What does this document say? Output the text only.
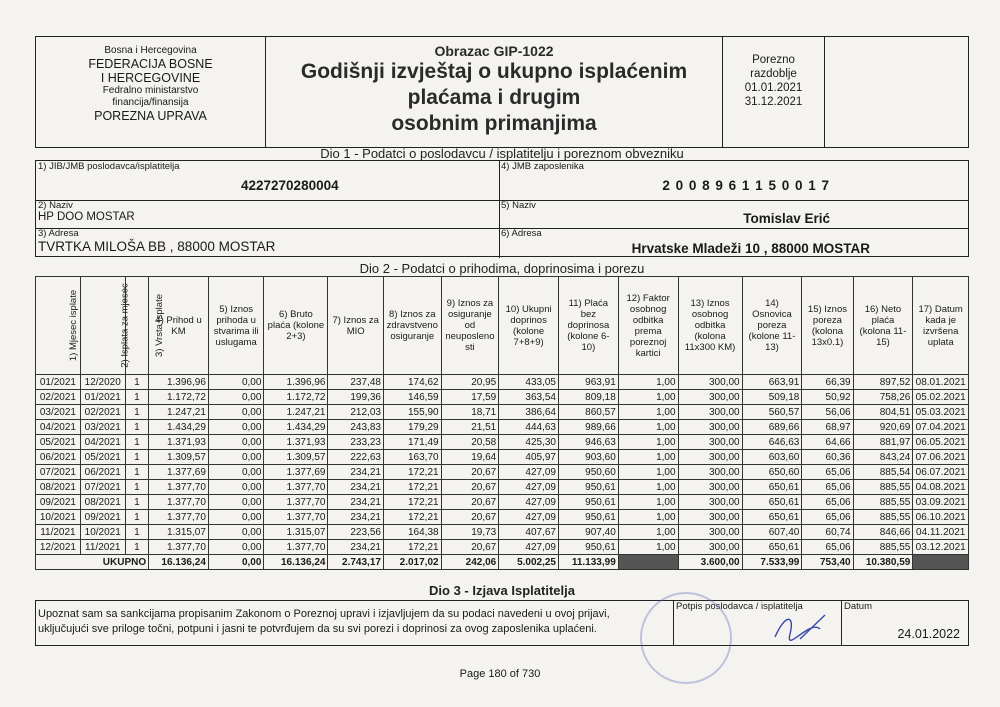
Bosna i Hercegovina
FEDERACIJA BOSNE
I HERCEGOVINE
Fedralno ministarstvo
financija/finansija
POREZNA UPRAVA
Obrazac GIP-1022
Godišnji izvještaj o ukupno isplaćenim
plaćama i drugim
osobnim primanjima
Porezno
razdoblje
01.01.2021
31.12.2021
Dio 1 - Podatci o poslodavcu / isplatitelju i poreznom obvezniku
1) JIB/JMB poslodavca/isplatitelja
4227270280004
4) JMB zaposlenika
2 0 0 8 9 6 1 1 5 0 0 1 7
2) Naziv
HP DOO MOSTAR
5) Naziv
Tomislav Erić
3) Adresa
TVRTKA MILOŠA BB , 88000 MOSTAR
6) Adresa
Hrvatske Mladeži 10 , 88000 MOSTAR
Dio 2 - Podatci o prihodima, doprinosima i porezu
1) Mjesec isplate	2) Isplata za mjesec	3) Vrsta isplate	4) Prihod u KM	5) Iznos prihoda u stvarima ili uslugama	6) Bruto plaća (kolone 2+3)	7) Iznos za MIO	8) Iznos za zdravstveno osiguranje	9) Iznos za osiguranje od neuposleno sti	10) Ukupni doprinos (kolone 7+8+9)	11) Plaća bez doprinosa (kolone 6-10)	12) Faktor osobnog odbitka prema poreznoj kartici	13) Iznos osobnog odbitka (kolona 11x300 KM)	14) Osnovica poreza (kolone 11-13)	15) Iznos poreza (kolona 13x0.1)	16) Neto plaća (kolona 11-15)	17) Datum kada je izvršena uplata
01/2021	12/2020	1	1.396,96	0,00	1.396,96	237,48	174,62	20,95	433,05	963,91	1,00	300,00	663,91	66,39	897,52	08.01.2021
02/2021	01/2021	1	1.172,72	0,00	1.172,72	199,36	146,59	17,59	363,54	809,18	1,00	300,00	509,18	50,92	758,26	05.02.2021
03/2021	02/2021	1	1.247,21	0,00	1.247,21	212,03	155,90	18,71	386,64	860,57	1,00	300,00	560,57	56,06	804,51	05.03.2021
04/2021	03/2021	1	1.434,29	0,00	1.434,29	243,83	179,29	21,51	444,63	989,66	1,00	300,00	689,66	68,97	920,69	07.04.2021
05/2021	04/2021	1	1.371,93	0,00	1.371,93	233,23	171,49	20,58	425,30	946,63	1,00	300,00	646,63	64,66	881,97	06.05.2021
06/2021	05/2021	1	1.309,57	0,00	1.309,57	222,63	163,70	19,64	405,97	903,60	1,00	300,00	603,60	60,36	843,24	07.06.2021
07/2021	06/2021	1	1.377,69	0,00	1.377,69	234,21	172,21	20,67	427,09	950,60	1,00	300,00	650,60	65,06	885,54	06.07.2021
08/2021	07/2021	1	1.377,70	0,00	1.377,70	234,21	172,21	20,67	427,09	950,61	1,00	300,00	650,61	65,06	885,55	04.08.2021
09/2021	08/2021	1	1.377,70	0,00	1.377,70	234,21	172,21	20,67	427,09	950,61	1,00	300,00	650,61	65,06	885,55	03.09.2021
10/2021	09/2021	1	1.377,70	0,00	1.377,70	234,21	172,21	20,67	427,09	950,61	1,00	300,00	650,61	65,06	885,55	06.10.2021
11/2021	10/2021	1	1.315,07	0,00	1.315,07	223,56	164,38	19,73	407,67	907,40	1,00	300,00	607,40	60,74	846,66	04.11.2021
12/2021	11/2021	1	1.377,70	0,00	1.377,70	234,21	172,21	20,67	427,09	950,61	1,00	300,00	650,61	65,06	885,55	03.12.2021
UKUPNO			16.136,24	0,00	16.136,24	2.743,17	2.017,02	242,06	5.002,25	11.133,99		3.600,00	7.533,99	753,40	10.380,59	
Dio 3 - Izjava Isplatitelja
Upoznat sam sa sankcijama propisanim Zakonom o Poreznoj upravi i izjavljujem da su podaci navedeni u ovoj prijavi,
uključujući sve priloge točni, potpuni i jasni te potvrđujem da su svi porezi i doprinosi za ovog zaposlenika uplaćeni.
Potpis poslodavca / isplatitelja	Datum
24.01.2022
Page 180 of 730
